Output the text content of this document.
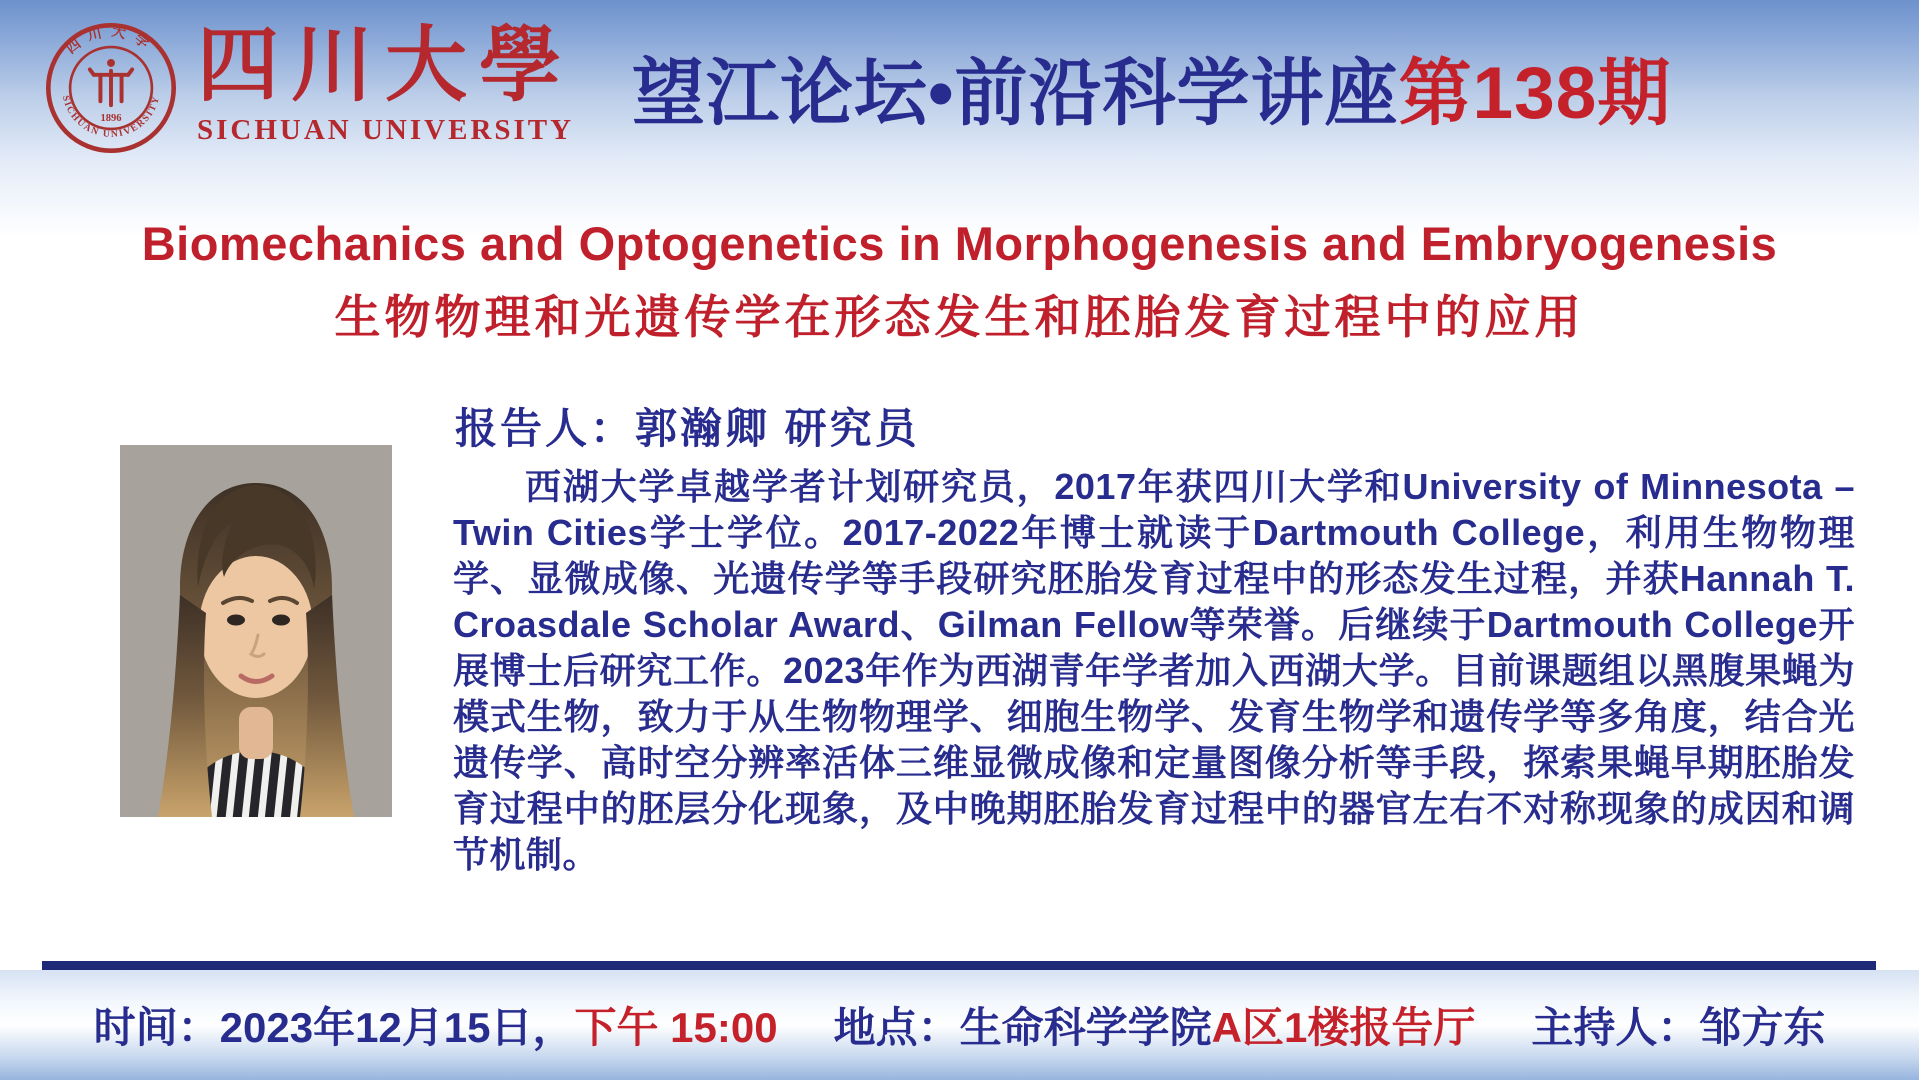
四川大学
SICHUAN UNIVERSITY
1896
四川大學
SICHUAN UNIVERSITY 望江论坛•前沿科学讲座第138期
Biomechanics and Optogenetics in Morphogenesis and Embryogenesis
生物物理和光遗传学在形态发生和胚胎发育过程中的应用
报告人：郭瀚卿 研究员

西湖大学卓越学者计划研究员，2017年获四川大学和University of Minnesota – Twin Cities学士学位。2017-2022年博士就读于Dartmouth College，利用生物物理学、显微成像、光遗传学等手段研究胚胎发育过程中的形态发生过程，并获Hannah T. Croasdale Scholar Award、Gilman Fellow等荣誉。后继续于Dartmouth College开展博士后研究工作。2023年作为西湖青年学者加入西湖大学。目前课题组以黑腹果蝇为模式生物，致力于从生物物理学、细胞生物学、发育生物学和遗传学等多角度，结合光遗传学、高时空分辨率活体三维显微成像和定量图像分析等手段，探索果蝇早期胚胎发育过程中的胚层分化现象，及中晚期胚胎发育过程中的器官左右不对称现象的成因和调节机制。

时间：2023年12月15日， 下午 15:00 地点：生命科学学院 A区1楼报告厅 主持人：邹方东
